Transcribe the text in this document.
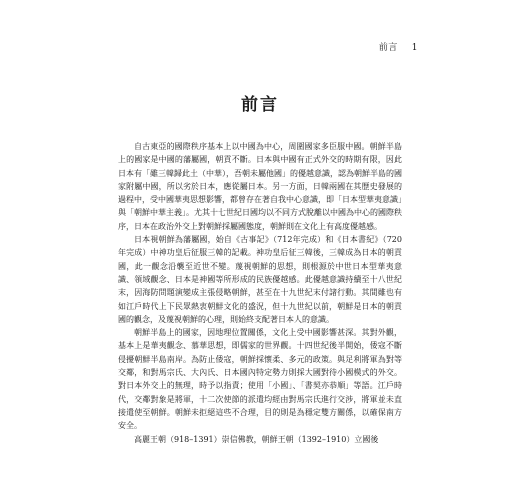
前言 1
前言

自古東亞的國際秩序基本上以中國為中心，周圍國家多臣服中國。朝鮮半島上的國家是中國的藩屬國，朝貢不斷。日本與中國有正式外交的時期有限，因此日本有「雖三韓歸此土（中華），吾朝未屬他國」的優越意識，認為朝鮮半島的國家附屬中國，所以劣於日本，應從屬日本。另一方面，日韓兩國在其歷史發展的過程中，受中國華夷思想影響，都曾存在著自我中心意識，即「日本型華夷意識」與「朝鮮中華主義」。尤其十七世紀日國均以不同方式脫離以中國為中心的國際秩序，日本在政治外交上對朝鮮採屬國態度，朝鮮則在文化上有高度優越感。

日本視朝鮮為藩屬國，始自《古事記》（712年完成）和《日本書紀》（720年完成）中神功皇后征服三韓的記載。神功皇后征三韓後，三韓成為日本的朝貢國，此一觀念沿襲至近世不變。蔑視朝鮮的思想，則根源於中世日本型華夷意識、領域觀念、日本是神國等所形成的民族優越感。此優越意識持續至十八世紀末，因海防問題演變成主張侵略朝鮮，甚至在十九世紀末付諸行動。其間雖也有如江戶時代上下民眾熱衷朝鮮文化的盛況，但十九世紀以前，朝鮮是日本的朝貢國的觀念，及蔑視朝鮮的心理，則始終支配著日本人的意識。

朝鮮半島上的國家，因地理位置關係，文化上受中國影響甚深。其對外觀，基本上是華夷觀念、慕華思想，即儒家的世界觀。十四世紀後半開始，倭寇不斷侵擾朝鮮半島南岸。為防止倭寇，朝鮮採懷柔、多元的政策。與足利將軍為對等交鄰，和對馬宗氏、大內氏、日本國內特定勢力則採大國對待小國模式的外交。對日本外交上的無理，時予以指責；使用「小國」、「書契亦恭順」等語。江戶時代，交鄰對象是將軍，十二次使節的派遣均經由對馬宗氏進行交涉，將軍並未直接遣使至朝鮮。朝鮮未拒絕這些不合理，目的則是為穩定雙方關係，以確保南方安全。

高麗王朝（918–1391）崇信佛教，朝鮮王朝（1392–1910）立國後
